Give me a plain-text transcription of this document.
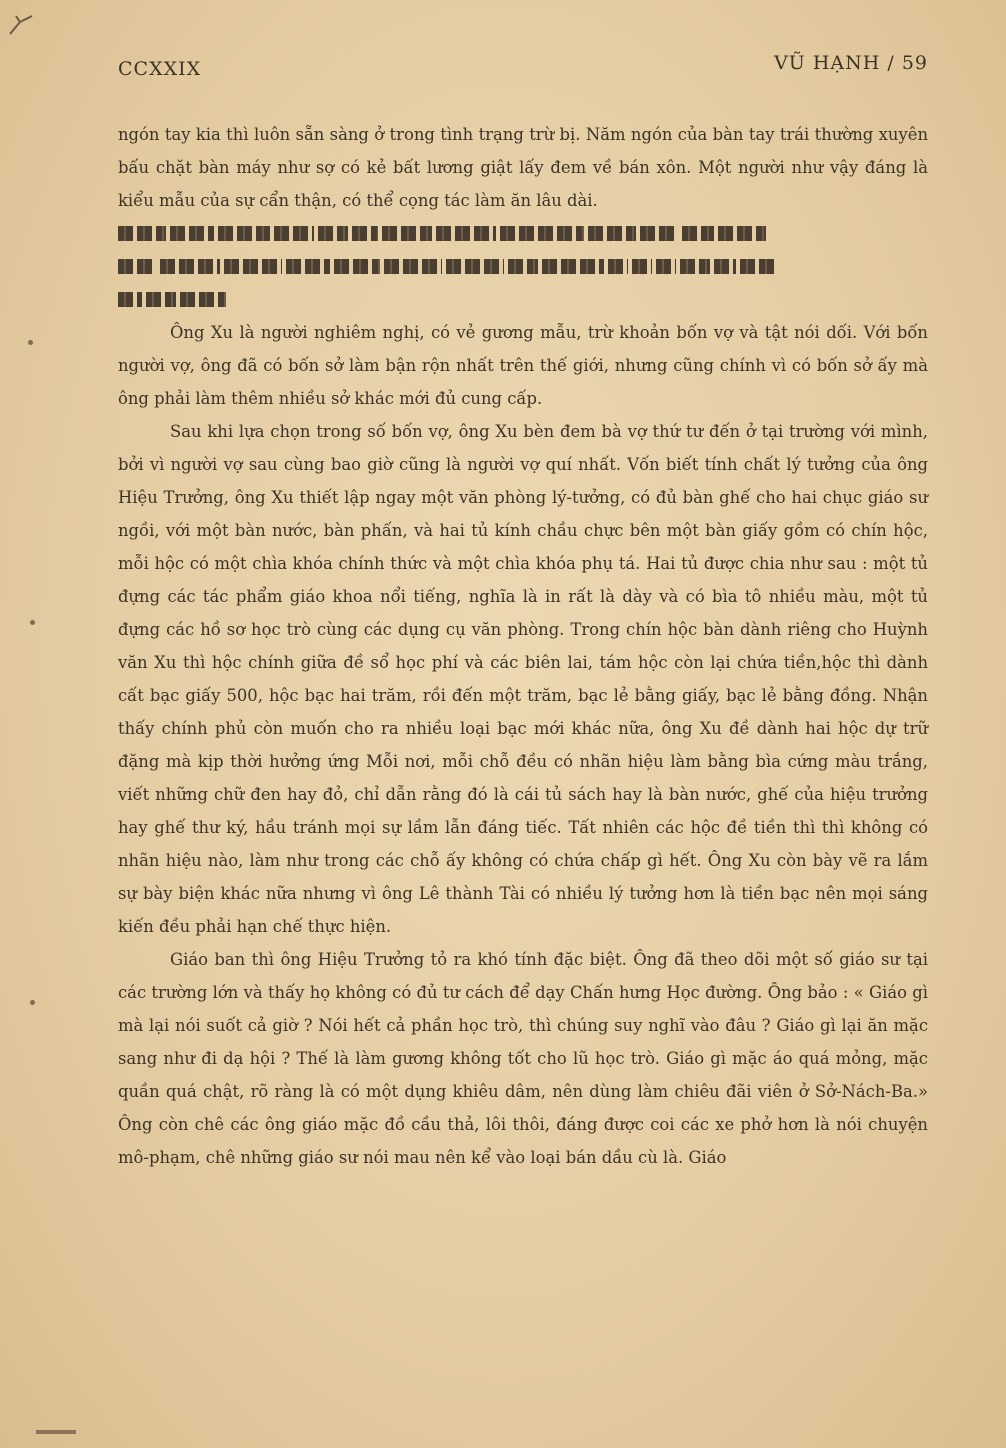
CCXXIX	VŨ HẠNH / 59

ngón tay kia thì luôn sẵn sàng ở trong tình trạng trừ bị. Năm ngón của bàn tay trái thường xuyên bấu chặt bàn máy như sợ có kẻ bất lương giật lấy đem về bán xôn. Một người như vậy đáng là kiểu mẫu của sự cẩn thận, có thể cọng tác làm ăn lâu dài.

Ông Xu là người nghiêm nghị, có vẻ gương mẫu, trừ khoản bốn vợ và tật nói dối. Với bốn người vợ, ông đã có bốn sở làm bận rộn nhất trên thế giới, nhưng cũng chính vì có bốn sở ấy mà ông phải làm thêm nhiều sở khác mới đủ cung cấp.

Sau khi lựa chọn trong số bốn vợ, ông Xu bèn đem bà vợ thứ tư đến ở tại trường với mình, bởi vì người vợ sau cùng bao giờ cũng là người vợ quí nhất. Vốn biết tính chất lý tưởng của ông Hiệu Trưởng, ông Xu thiết lập ngay một văn phòng lý-tưởng, có đủ bàn ghế cho hai chục giáo sư ngồi, với một bàn nước, bàn phấn, và hai tủ kính chầu chực bên một bàn giấy gồm có chín hộc, mỗi hộc có một chìa khóa chính thức và một chìa khóa phụ tá. Hai tủ được chia như sau : một tủ đựng các tác phẩm giáo khoa nổi tiếng, nghĩa là in rất là dày và có bìa tô nhiều màu, một tủ đựng các hồ sơ học trò cùng các dụng cụ văn phòng. Trong chín hộc bàn dành riêng cho Huỳnh văn Xu thì hộc chính giữa đề sổ học phí và các biên lai, tám hộc còn lại chứa tiền,hộc thì dành cất bạc giấy 500, hộc bạc hai trăm, rồi đến một trăm, bạc lẻ bằng giấy, bạc lẻ bằng đồng. Nhận thấy chính phủ còn muốn cho ra nhiều loại bạc mới khác nữa, ông Xu đề dành hai hộc dự trữ đặng mà kịp thời hưởng ứng Mỗi nơi, mỗi chỗ đều có nhãn hiệu làm bằng bìa cứng màu trắng, viết những chữ đen hay đỏ, chỉ dẫn rằng đó là cái tủ sách hay là bàn nước, ghế của hiệu trưởng hay ghế thư ký, hầu tránh mọi sự lầm lẫn đáng tiếc. Tất nhiên các hộc đề tiền thì thì không có nhãn hiệu nào, làm như trong các chỗ ấy không có chứa chấp gì hết. Ông Xu còn bày vẽ ra lắm sự bày biện khác nữa nhưng vì ông Lê thành Tài có nhiều lý tưởng hơn là tiền bạc nên mọi sáng kiến đều phải hạn chế thực hiện.

Giáo ban thì ông Hiệu Trưởng tỏ ra khó tính đặc biệt. Ông đã theo dõi một số giáo sư tại các trường lớn và thấy họ không có đủ tư cách để dạy Chấn hưng Học đường. Ông bảo : « Giáo gì mà lại nói suốt cả giờ ? Nói hết cả phần học trò, thì chúng suy nghĩ vào đâu ? Giáo gì lại ăn mặc sang như đi dạ hội ? Thế là làm gương không tốt cho lũ học trò. Giáo gì mặc áo quá mỏng, mặc quần quá chật, rõ ràng là có một dụng khiêu dâm, nên dùng làm chiêu đãi viên ở Sở-Nách-Ba.» Ông còn chê các ông giáo mặc đồ cầu thả, lôi thôi, đáng được coi các xe phở hơn là nói chuyện mô-phạm, chê những giáo sư nói mau nên kể vào loại bán dầu cù là. Giáo
